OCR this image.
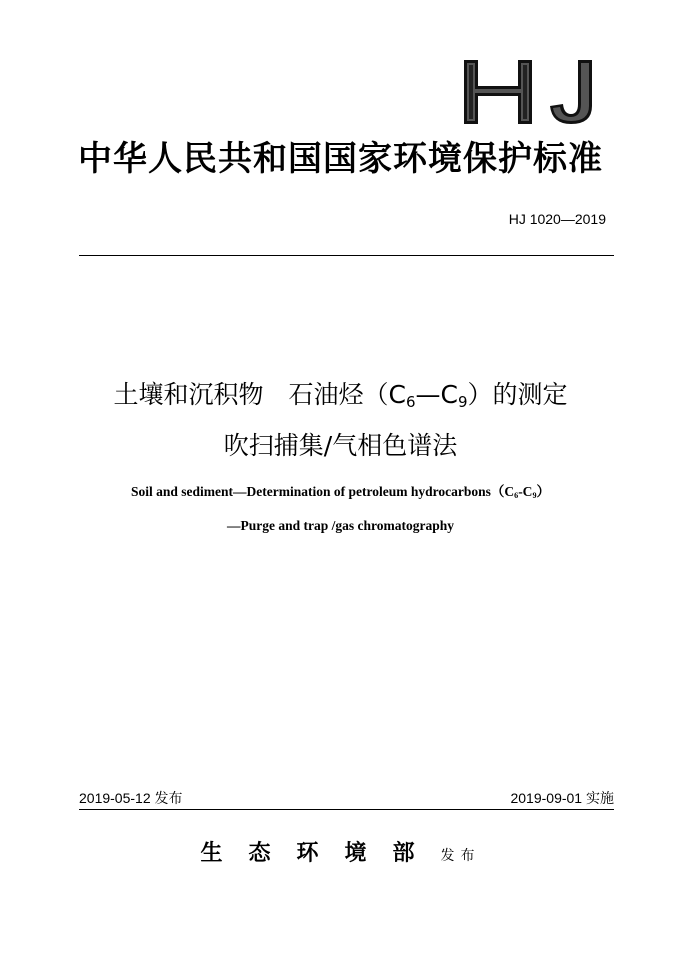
中华人民共和国国家环境保护标准
HJ 1020—2019
土壤和沉积物　石油烃$(C_6—C_9)$的测定
吹扫捕集/气相色谱法
Soil and sediment—Determination of petroleum $hydrocarbons(C_6-C_9)$
—Purge and trap /gas chromatography
2019-05-12 发布	2019-09-01 实施
生态环境部发布
